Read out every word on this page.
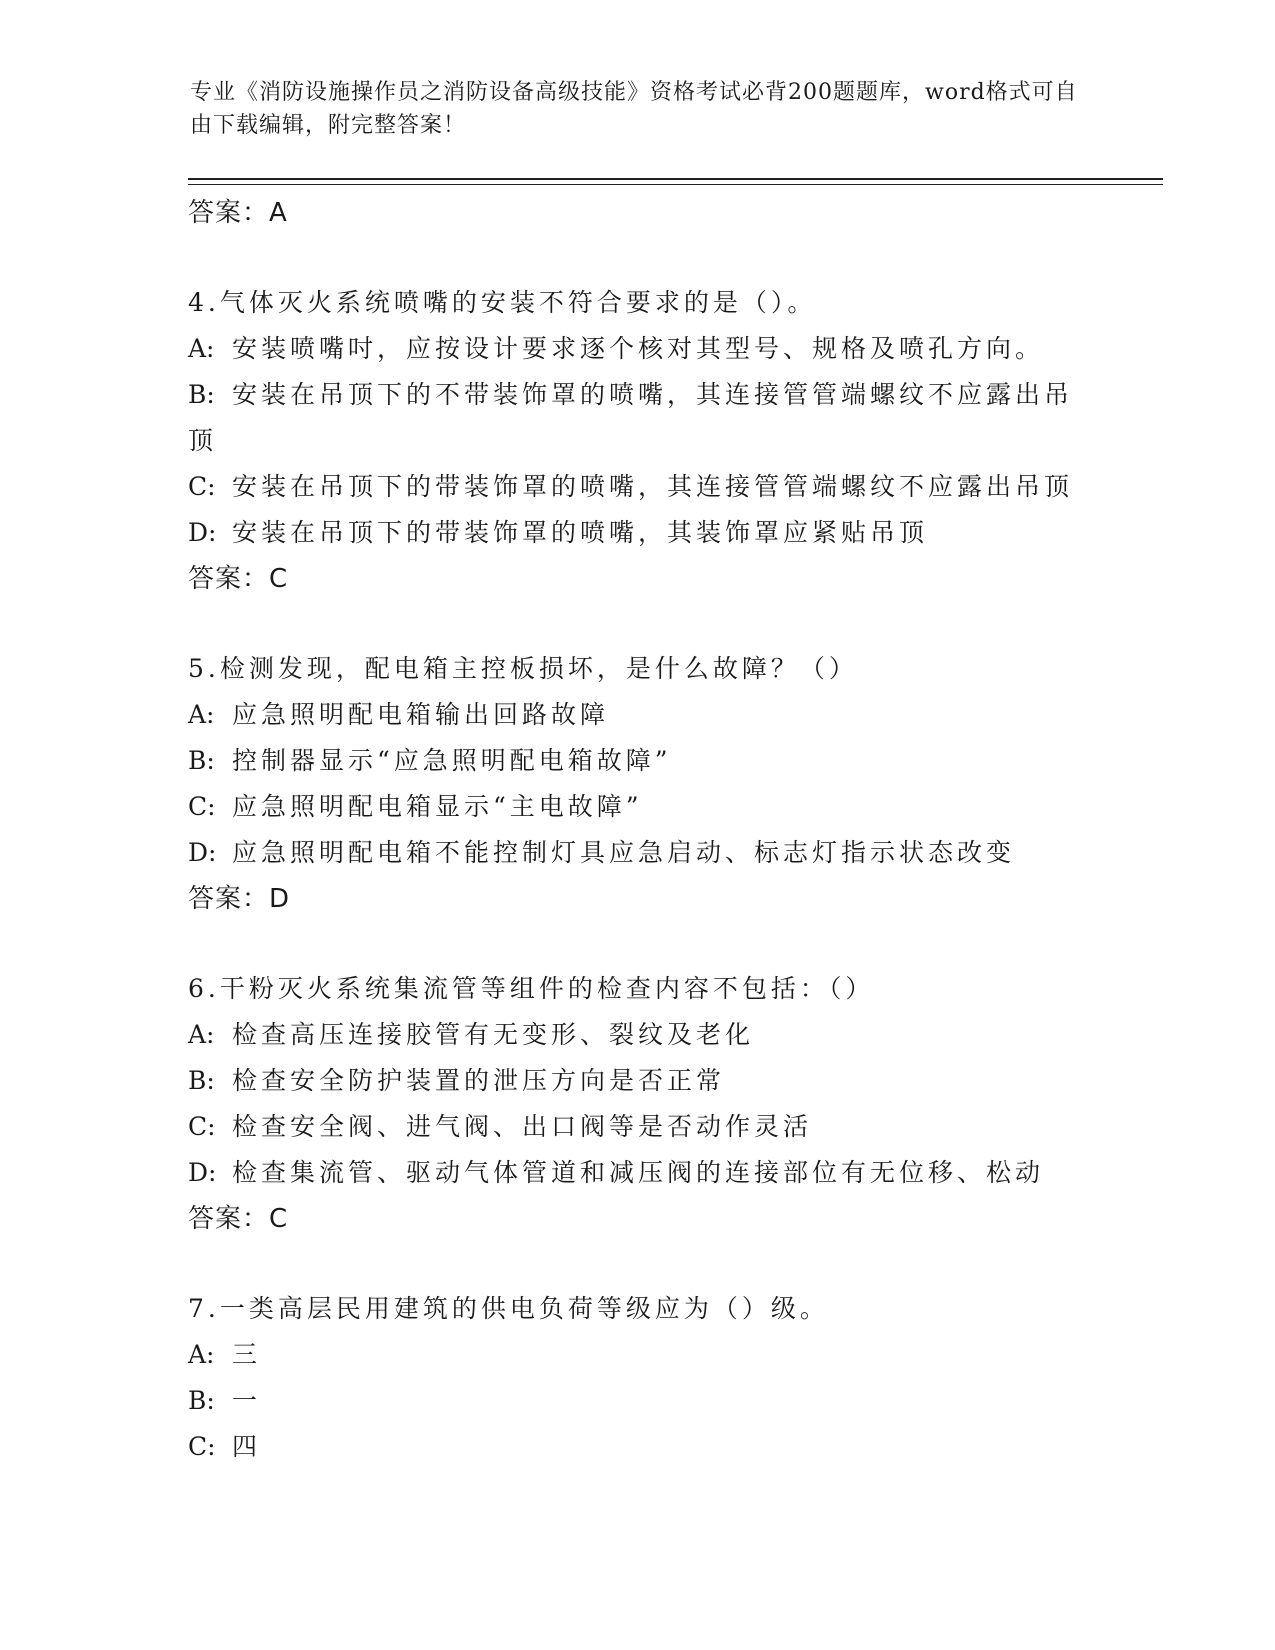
专业《消防设施操作员之消防设备高级技能》资格考试必背200题题库，word格式可自由下载编辑，附完整答案！
答案：A
4.气体灭火系统喷嘴的安装不符合要求的是（）。
A: 安装喷嘴吋，应按设计要求逐个核对其型号、规格及喷孔方向。
B: 安装在吊顶下的不带装饰罩的喷嘴，其连接管管端螺纹不应露出吊
顶
C: 安装在吊顶下的带装饰罩的喷嘴，其连接管管端螺纹不应露出吊顶
D: 安装在吊顶下的带装饰罩的喷嘴，其装饰罩应紧贴吊顶
答案：C
5.检测发现，配电箱主控板损坏，是什么故障？（）
A: 应急照明配电箱输出回路故障
B: 控制器显示“应急照明配电箱故障”
C: 应急照明配电箱显示“主电故障”
D: 应急照明配电箱不能控制灯具应急启动、标志灯指示状态改变
答案：D
6.干粉灭火系统集流管等组件的检查内容不包括：（）
A: 检查高压连接胶管有无变形、裂纹及老化
B: 检查安全防护装置的泄压方向是否正常
C: 检查安全阀、进气阀、出口阀等是否动作灵活
D: 检查集流管、驱动气体管道和减压阀的连接部位有无位移、松动
答案：C
7.一类高层民用建筑的供电负荷等级应为（）级。
A: 三
B: 一
C: 四
